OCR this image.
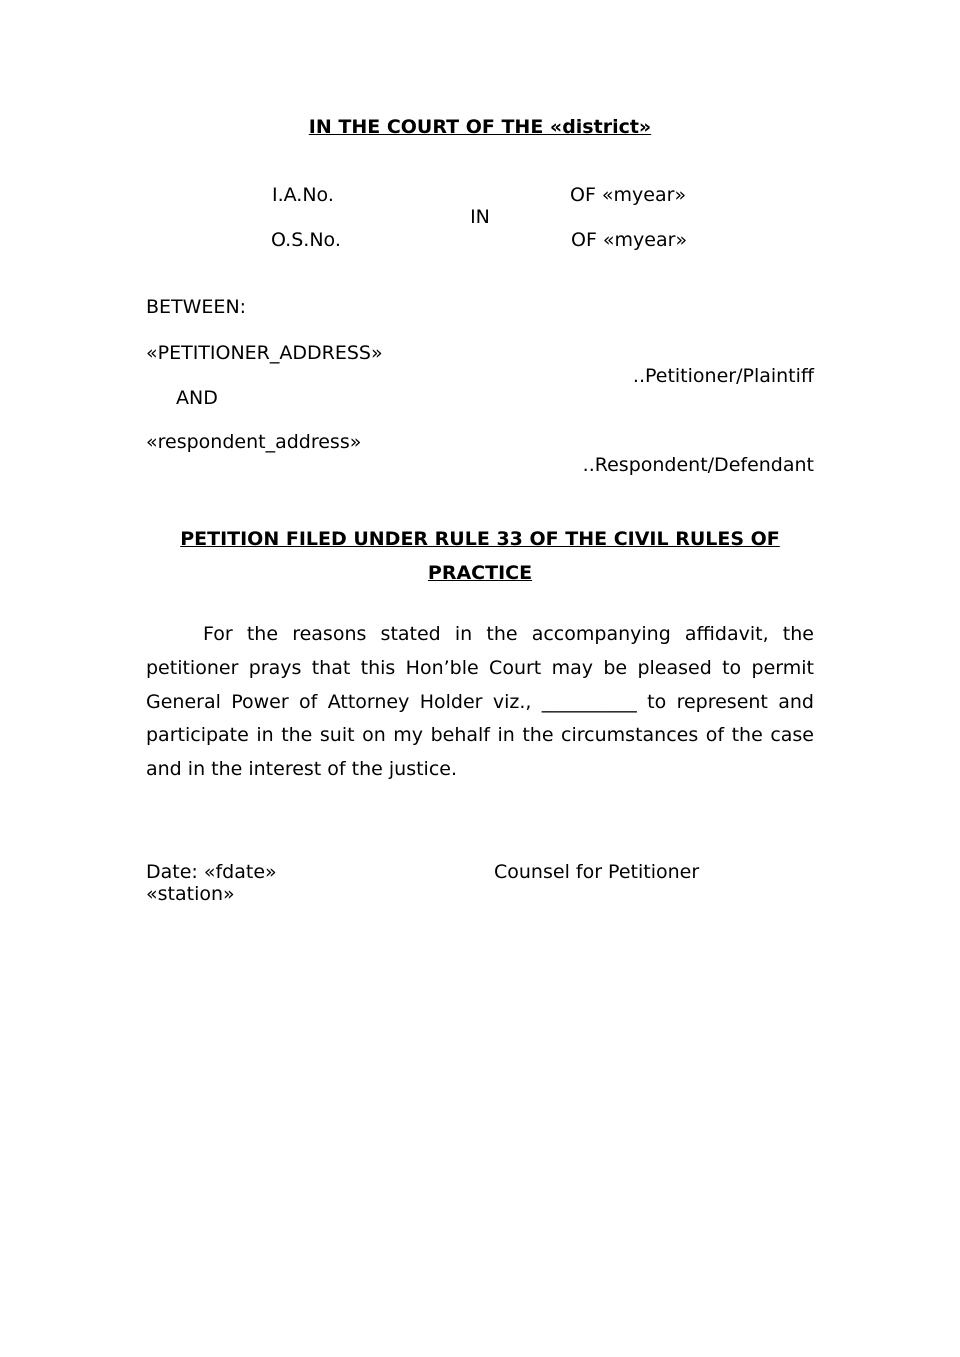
IN THE COURT OF THE «district»
I.A.No.	OF «myear»
IN
O.S.No.	OF «myear»
BETWEEN:
«PETITIONER_ADDRESS»
..Petitioner/Plaintiff
AND
«respondent_address»
..Respondent/Defendant
PETITION FILED UNDER RULE 33 OF THE CIVIL RULES OF PRACTICE

For the reasons stated in the accompanying affidavit, the petitioner prays that this Hon’ble Court may be pleased to permit General Power of Attorney Holder viz., __________ to represent and participate in the suit on my behalf in the circumstances of the case and in the interest of the justice.

Date: «fdate»
«station»
Counsel for Petitioner
